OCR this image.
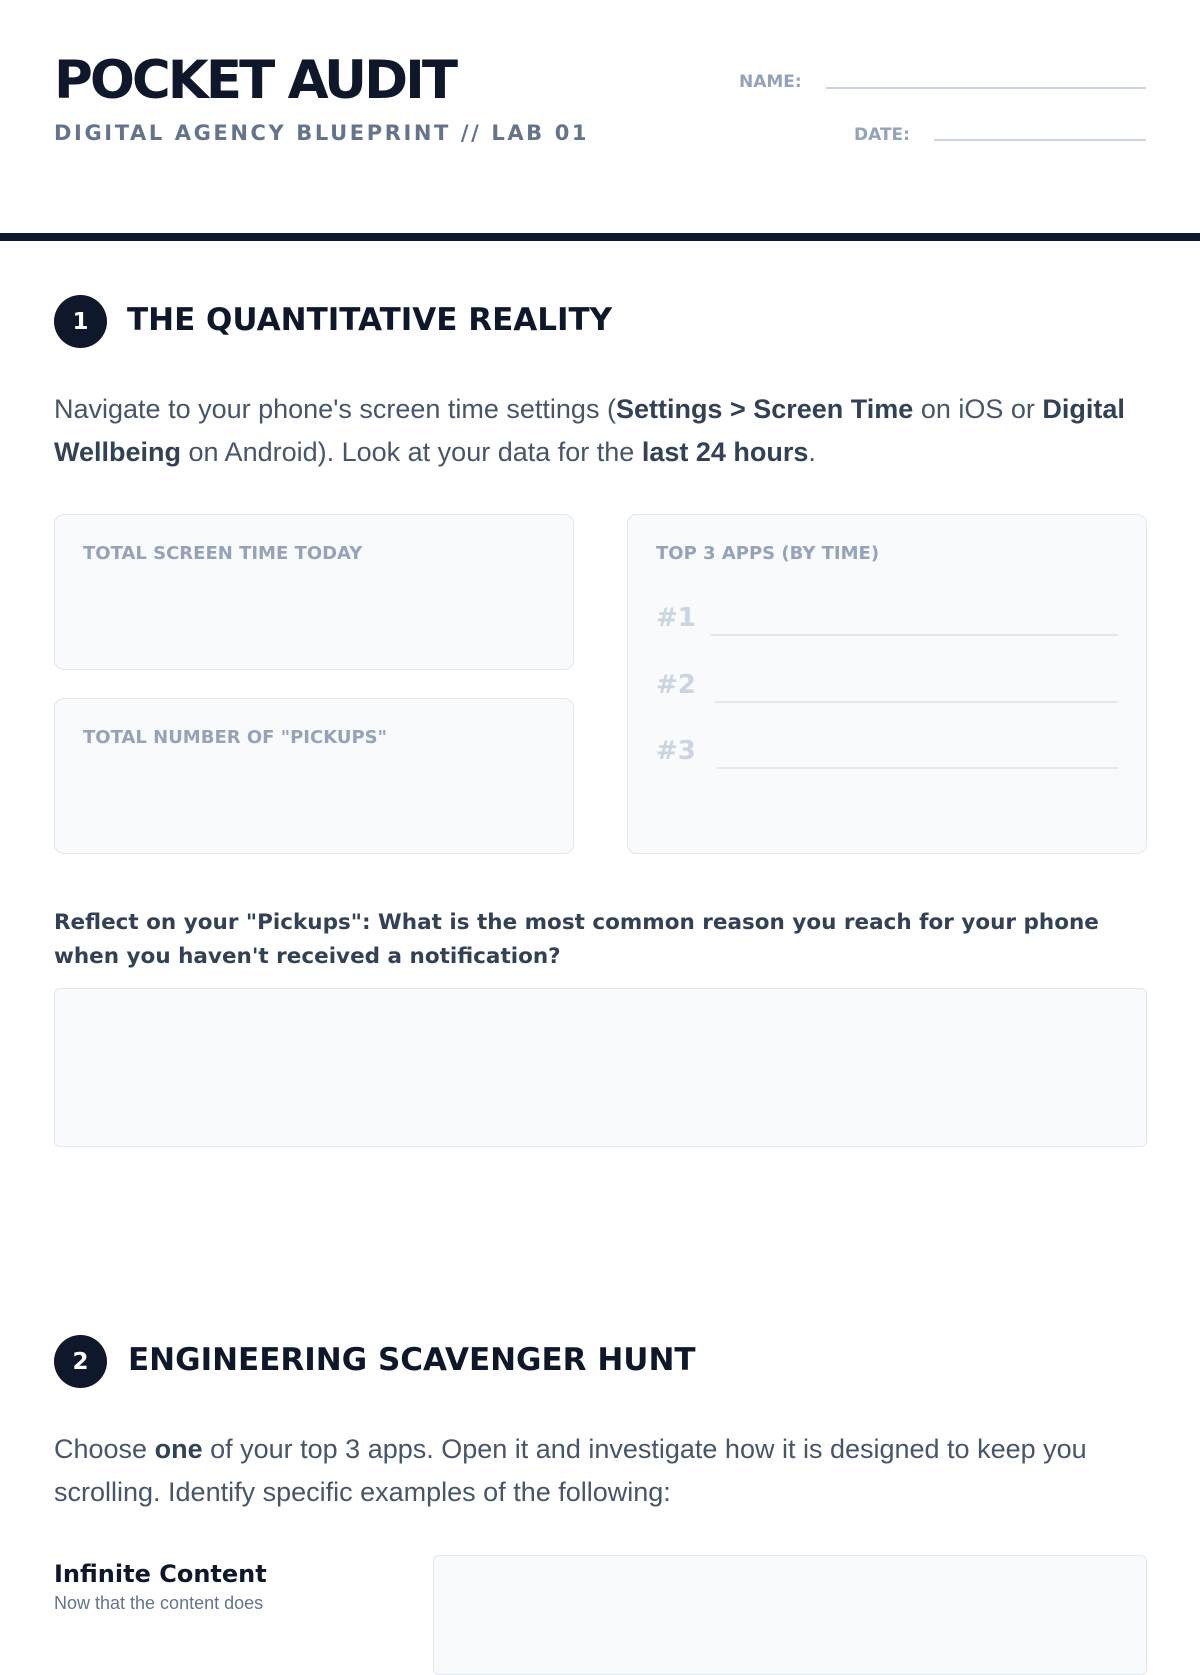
POCKET AUDIT
DIGITAL AGENCY BLUEPRINT // LAB 01
NAME:
DATE:
1	THE QUANTITATIVE REALITY

Navigate to your phone's screen time settings (Settings > Screen Time on iOS or Digital Wellbeing on Android). Look at your data for the last 24 hours.

TOTAL SCREEN TIME TODAY
TOTAL NUMBER OF "PICKUPS"
TOP 3 APPS (BY TIME)
#1
#2
#3

Reflect on your "Pickups": What is the most common reason you reach for your phone when you haven't received a notification?

2	ENGINEERING SCAVENGER HUNT

Choose one of your top 3 apps. Open it and investigate how it is designed to keep you scrolling. Identify specific examples of the following:

Infinite Content
Now that the content does
